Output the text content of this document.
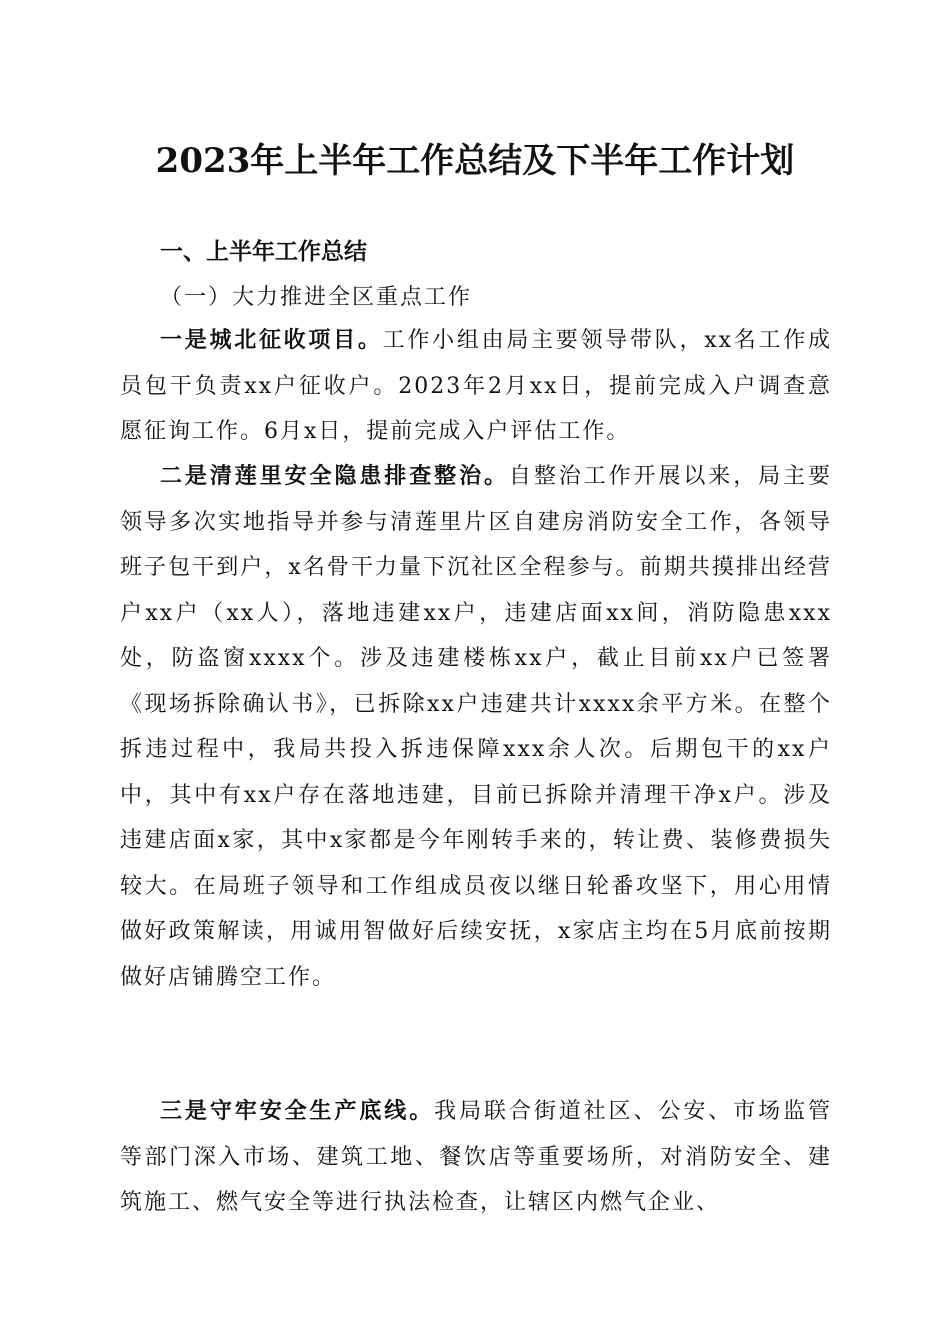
2023年上半年工作总结及下半年工作计划
一、上半年工作总结
（一）大力推进全区重点工作

一是城北征收项目。工作小组由局主要领导带队，xx名工作成员包干负责xx户征收户。2023年2月xx日，提前完成入户调查意愿征询工作。6月x日，提前完成入户评估工作。

二是清莲里安全隐患排查整治。自整治工作开展以来，局主要领导多次实地指导并参与清莲里片区自建房消防安全工作，各领导班子包干到户，x名骨干力量下沉社区全程参与。前期共摸排出经营户xx户（xx人），落地违建xx户，违建店面xx间，消防隐患xxx处，防盗窗xxxx个。涉及违建楼栋xx户，截止目前xx户已签署《现场拆除确认书》，已拆除xx户违建共计xxxx余平方米。在整个拆违过程中，我局共投入拆违保障xxx余人次。后期包干的xx户中，其中有xx户存在落地违建，目前已拆除并清理干净x户。涉及违建店面x家，其中x家都是今年刚转手来的，转让费、装修费损失较大。在局班子领导和工作组成员夜以继日轮番攻坚下，用心用情做好政策解读，用诚用智做好后续安抚，x家店主均在5月底前按期做好店铺腾空工作。

三是守牢安全生产底线。我局联合街道社区、公安、市场监管等部门深入市场、建筑工地、餐饮店等重要场所，对消防安全、建筑施工、燃气安全等进行执法检查，让辖区内燃气企业、
